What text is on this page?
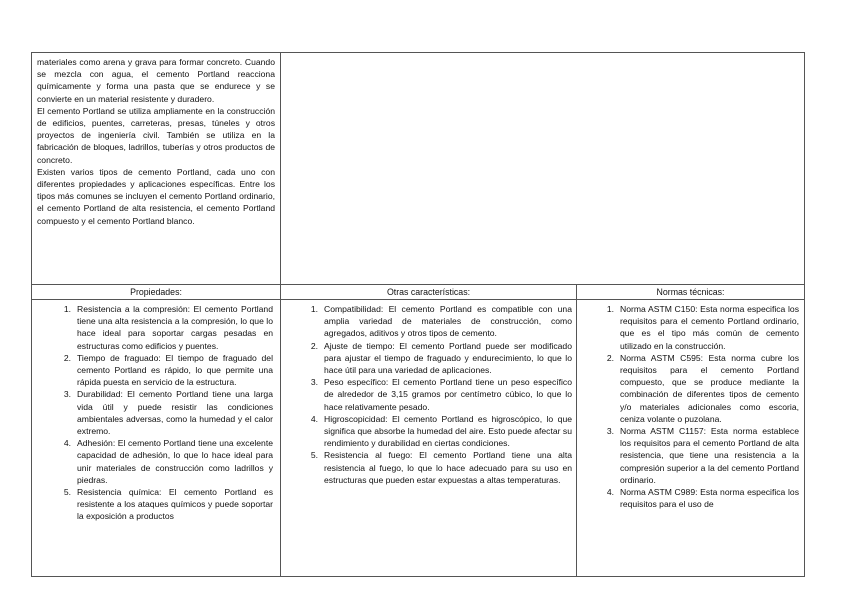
materiales como arena y grava para formar concreto. Cuando se mezcla con agua, el cemento Portland reacciona químicamente y forma una pasta que se endurece y se convierte en un material resistente y duradero.

El cemento Portland se utiliza ampliamente en la construcción de edificios, puentes, carreteras, presas, túneles y otros proyectos de ingeniería civil. También se utiliza en la fabricación de bloques, ladrillos, tuberías y otros productos de concreto.

Existen varios tipos de cemento Portland, cada uno con diferentes propiedades y aplicaciones específicas. Entre los tipos más comunes se incluyen el cemento Portland ordinario, el cemento Portland de alta resistencia, el cemento Portland compuesto y el cemento Portland blanco.

Propiedades:	Otras características:	Normas técnicas:
1. Resistencia a la compresión: El cemento Portland tiene una alta resistencia a la compresión, lo que lo hace ideal para soportar cargas pesadas en estructuras como edificios y puentes.
2. Tiempo de fraguado: El tiempo de fraguado del cemento Portland es rápido, lo que permite una rápida puesta en servicio de la estructura.
3. Durabilidad: El cemento Portland tiene una larga vida útil y puede resistir las condiciones ambientales adversas, como la humedad y el calor extremo.
4. Adhesión: El cemento Portland tiene una excelente capacidad de adhesión, lo que lo hace ideal para unir materiales de construcción como ladrillos y piedras.
5. Resistencia química: El cemento Portland es resistente a los ataques químicos y puede soportar la exposición a productos
1. Compatibilidad: El cemento Portland es compatible con una amplia variedad de materiales de construcción, como agregados, aditivos y otros tipos de cemento.
2. Ajuste de tiempo: El cemento Portland puede ser modificado para ajustar el tiempo de fraguado y endurecimiento, lo que lo hace útil para una variedad de aplicaciones.
3. Peso específico: El cemento Portland tiene un peso específico de alrededor de 3,15 gramos por centímetro cúbico, lo que lo hace relativamente pesado.
4. Higroscopicidad: El cemento Portland es higroscópico, lo que significa que absorbe la humedad del aire. Esto puede afectar su rendimiento y durabilidad en ciertas condiciones.
5. Resistencia al fuego: El cemento Portland tiene una alta resistencia al fuego, lo que lo hace adecuado para su uso en estructuras que pueden estar expuestas a altas temperaturas.
1. Norma ASTM C150: Esta norma especifica los requisitos para el cemento Portland ordinario, que es el tipo más común de cemento utilizado en la construcción.
2. Norma ASTM C595: Esta norma cubre los requisitos para el cemento Portland compuesto, que se produce mediante la combinación de diferentes tipos de cemento y/o materiales adicionales como escoria, ceniza volante o puzolana.
3. Norma ASTM C1157: Esta norma establece los requisitos para el cemento Portland de alta resistencia, que tiene una resistencia a la compresión superior a la del cemento Portland ordinario.
4. Norma ASTM C989: Esta norma especifica los requisitos para el uso de
